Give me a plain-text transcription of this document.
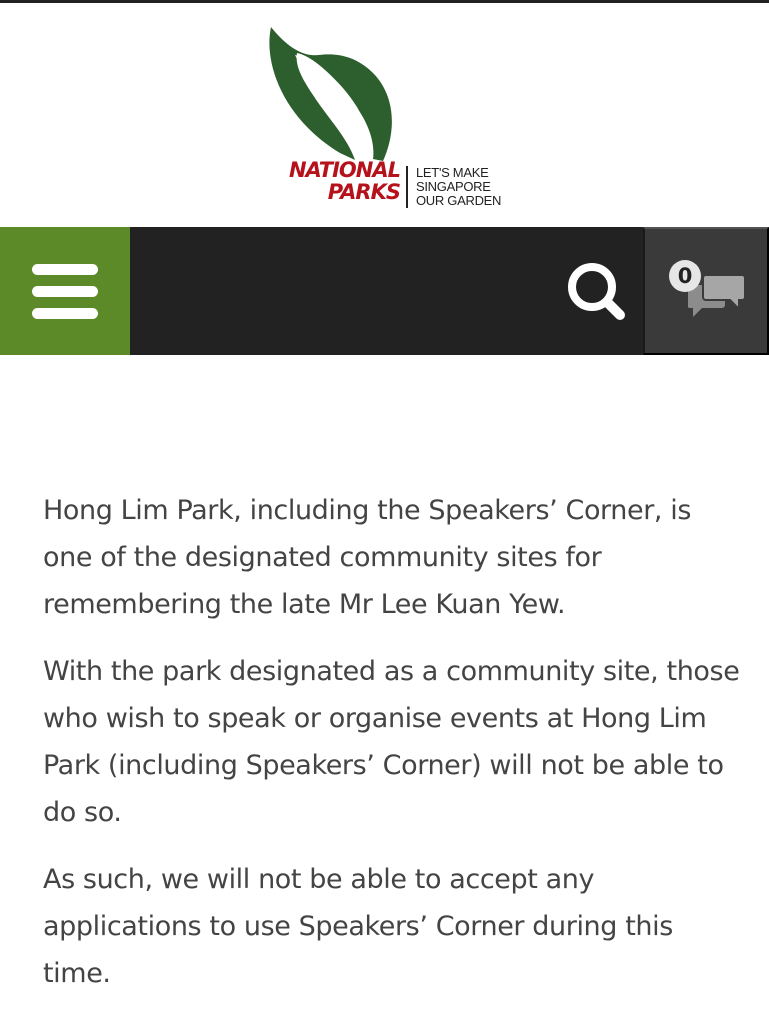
NATIONAL
PARKS
LET'S MAKE
SINGAPORE
OUR GARDEN
0

Hong Lim Park, including the Speakers’ Corner, is one of the designated community sites for remembering the late Mr Lee Kuan Yew.

With the park designated as a community site, those who wish to speak or organise events at Hong Lim Park (including Speakers’ Corner) will not be able to do so.

As such, we will not be able to accept any applications to use Speakers’ Corner during this time.
